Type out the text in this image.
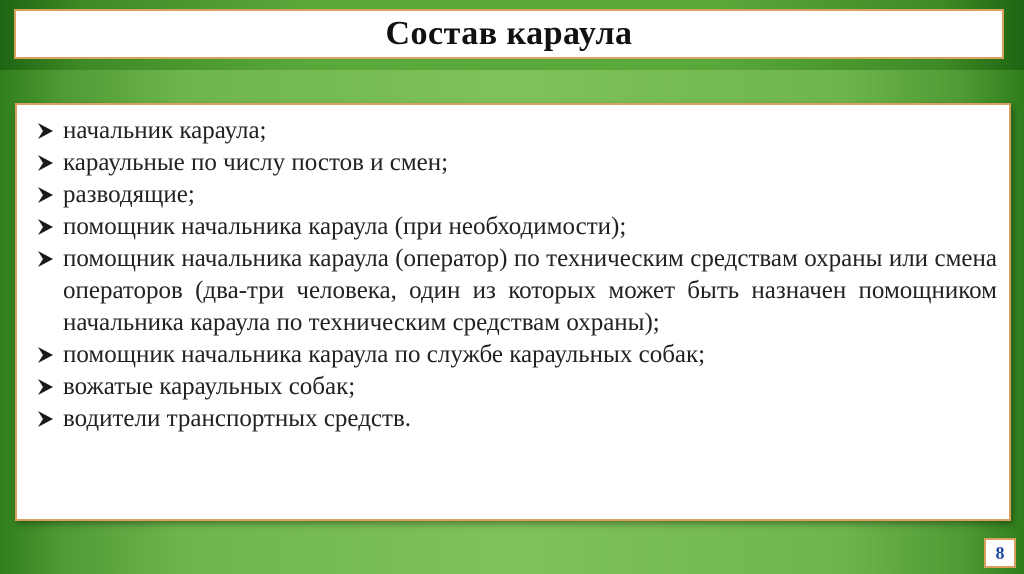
Состав караула
начальник караула;
караульные по числу постов и смен;
разводящие;
помощник начальника караула (при необходимости);
помощник начальника караула (оператор) по техническим средствам охраны или смена операторов (два-три человека, один из которых может быть назначен помощником начальника караула по техническим средствам охраны);
помощник начальника караула по службе караульных собак;
вожатые караульных собак;
водители транспортных средств.
8
